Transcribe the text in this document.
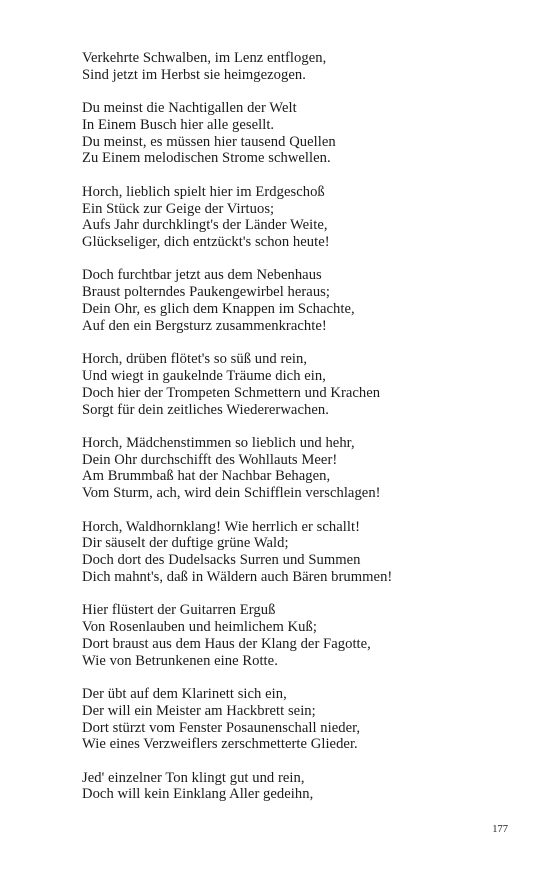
Verkehrte Schwalben, im Lenz entflogen,
Sind jetzt im Herbst sie heimgezogen.
Du meinst die Nachtigallen der Welt
In Einem Busch hier alle gesellt.
Du meinst, es müssen hier tausend Quellen
Zu Einem melodischen Strome schwellen.
Horch, lieblich spielt hier im Erdgeschoß
Ein Stück zur Geige der Virtuos;
Aufs Jahr durchklingt's der Länder Weite,
Glückseliger, dich entzückt's schon heute!
Doch furchtbar jetzt aus dem Nebenhaus
Braust polterndes Paukengewirbel heraus;
Dein Ohr, es glich dem Knappen im Schachte,
Auf den ein Bergsturz zusammenkrachte!
Horch, drüben flötet's so süß und rein,
Und wiegt in gaukelnde Träume dich ein,
Doch hier der Trompeten Schmettern und Krachen
Sorgt für dein zeitliches Wiedererwachen.
Horch, Mädchenstimmen so lieblich und hehr,
Dein Ohr durchschifft des Wohllauts Meer!
Am Brummbaß hat der Nachbar Behagen,
Vom Sturm, ach, wird dein Schifflein verschlagen!
Horch, Waldhornklang! Wie herrlich er schallt!
Dir säuselt der duftige grüne Wald;
Doch dort des Dudelsacks Surren und Summen
Dich mahnt's, daß in Wäldern auch Bären brummen!
Hier flüstert der Guitarren Erguß
Von Rosenlauben und heimlichem Kuß;
Dort braust aus dem Haus der Klang der Fagotte,
Wie von Betrunkenen eine Rotte.
Der übt auf dem Klarinett sich ein,
Der will ein Meister am Hackbrett sein;
Dort stürzt vom Fenster Posaunenschall nieder,
Wie eines Verzweiflers zerschmetterte Glieder.
Jed' einzelner Ton klingt gut und rein,
Doch will kein Einklang Aller gedeihn,
177
